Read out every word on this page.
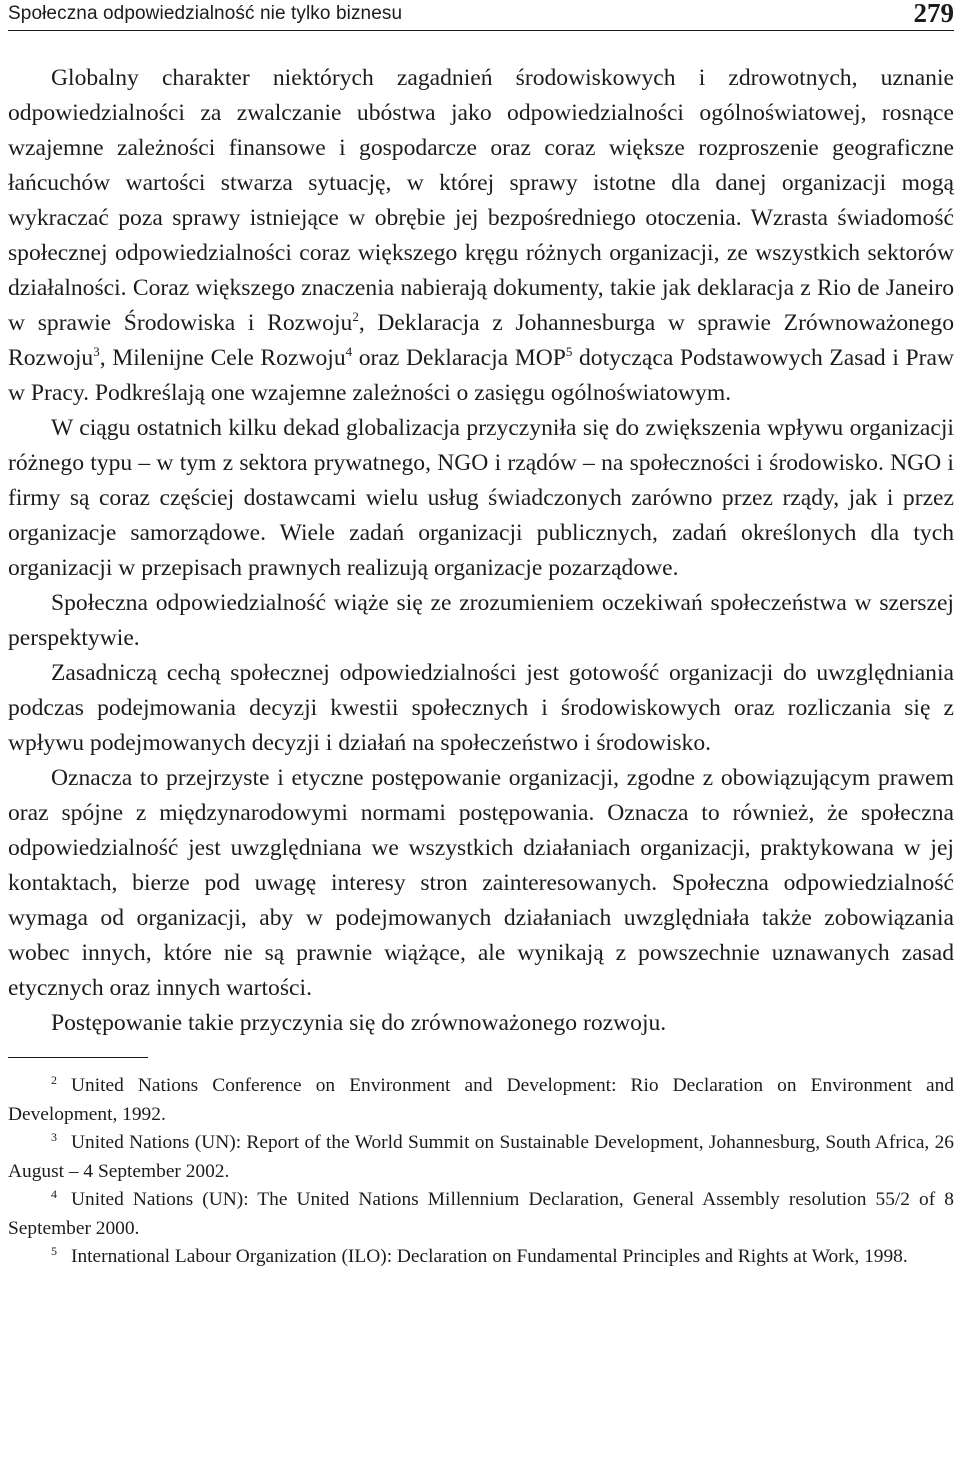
Społeczna odpowiedzialność nie tylko biznesu	279

Globalny charakter niektórych zagadnień środowiskowych i zdrowotnych, uznanie odpowiedzialności za zwalczanie ubóstwa jako odpowiedzialności ogólnoświatowej, rosnące wzajemne zależności finansowe i gospodarcze oraz coraz większe rozproszenie geograficzne łańcuchów wartości stwarza sytuację, w której sprawy istotne dla danej organizacji mogą wykraczać poza sprawy istniejące w obrębie jej bezpośredniego otoczenia. Wzrasta świadomość społecznej odpowiedzialności coraz większego kręgu różnych organizacji, ze wszystkich sektorów działalności. Coraz większego znaczenia nabierają dokumenty, takie jak deklaracja z Rio de Janeiro w sprawie Środowiska i Rozwoju$^2$, Deklaracja z Johannesburga w sprawie Zrównoważonego Rozwoju$^3$, Milenijne Cele Rozwoju$^4$ oraz Deklaracja MOP$^5$ dotycząca Podstawowych Zasad i Praw w Pracy. Podkreślają one wzajemne zależności o zasięgu ogólnoświatowym.

W ciągu ostatnich kilku dekad globalizacja przyczyniła się do zwiększenia wpływu organizacji różnego typu – w tym z sektora prywatnego, NGO i rządów – na społeczności i środowisko. NGO i firmy są coraz częściej dostawcami wielu usług świadczonych zarówno przez rządy, jak i przez organizacje samorządowe. Wiele zadań organizacji publicznych, zadań określonych dla tych organizacji w przepisach prawnych realizują organizacje pozarządowe.

Społeczna odpowiedzialność wiąże się ze zrozumieniem oczekiwań społeczeństwa w szerszej perspektywie.

Zasadniczą cechą społecznej odpowiedzialności jest gotowość organizacji do uwzględniania podczas podejmowania decyzji kwestii społecznych i środowiskowych oraz rozliczania się z wpływu podejmowanych decyzji i działań na społeczeństwo i środowisko.

Oznacza to przejrzyste i etyczne postępowanie organizacji, zgodne z obowiązującym prawem oraz spójne z międzynarodowymi normami postępowania. Oznacza to również, że społeczna odpowiedzialność jest uwzględniana we wszystkich działaniach organizacji, praktykowana w jej kontaktach, bierze pod uwagę interesy stron zainteresowanych. Społeczna odpowiedzialność wymaga od organizacji, aby w podejmowanych działaniach uwzględniała także zobowiązania wobec innych, które nie są prawnie wiążące, ale wynikają z powszechnie uznawanych zasad etycznych oraz innych wartości.

Postępowanie takie przyczynia się do zrównoważonego rozwoju.

$^2$ United Nations Conference on Environment and Development: Rio Declaration on Environment and Development, 1992.

$^3$ United Nations (UN): Report of the World Summit on Sustainable Development, Johannesburg, South Africa, 26 August – 4 September 2002.

$^4$ United Nations (UN): The United Nations Millennium Declaration, General Assembly resolution 55/2 of 8 September 2000.

$^5$ International Labour Organization (ILO): Declaration on Fundamental Principles and Rights at Work, 1998.
